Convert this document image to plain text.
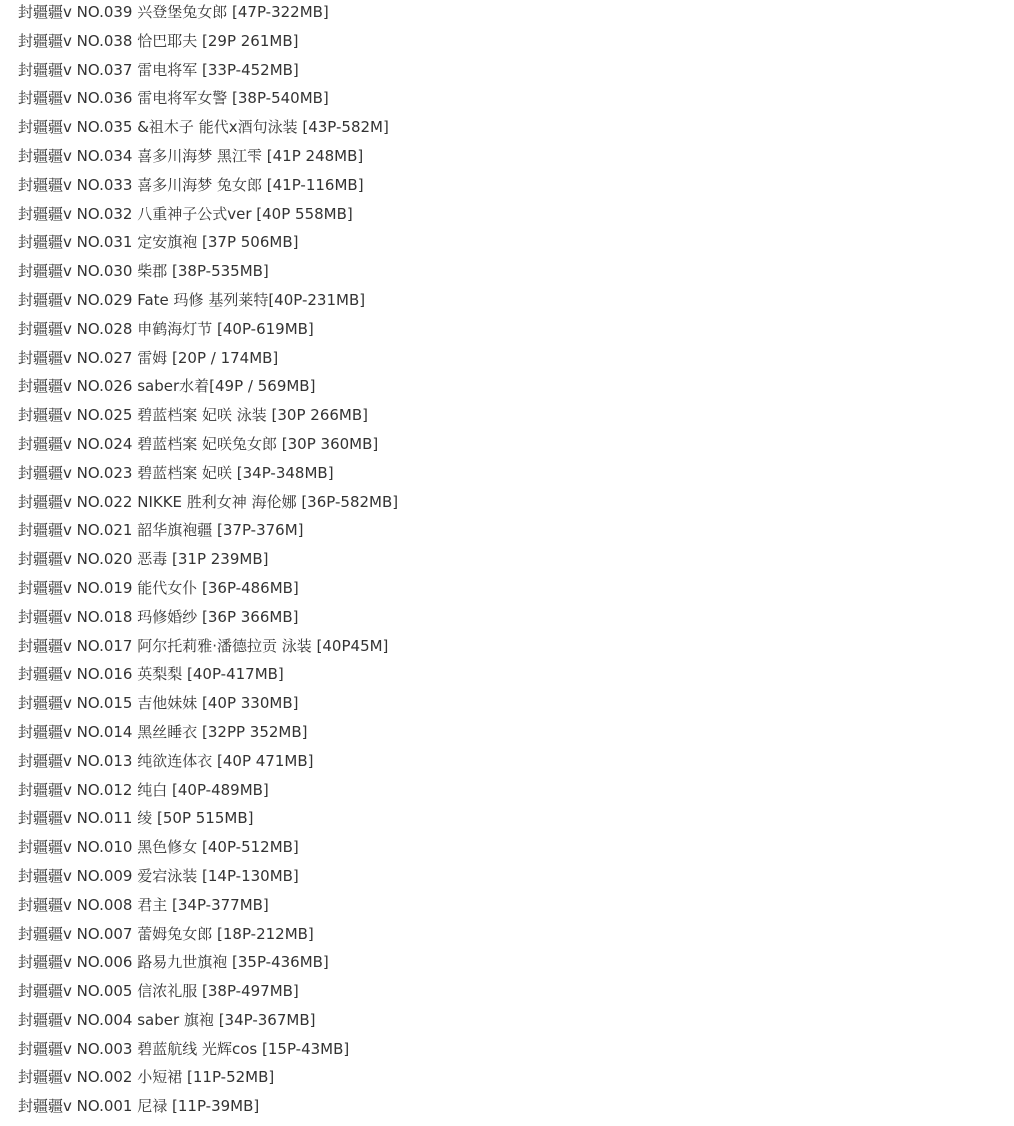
封疆疆v NO.039 兴登堡兔女郎 [47P-322MB]
封疆疆v NO.038 恰巴耶夫 [29P 261MB]
封疆疆v NO.037 雷电将军 [33P-452MB]
封疆疆v NO.036 雷电将军女警 [38P-540MB]
封疆疆v NO.035 &祖木子 能代x酒句泳装 [43P-582M]
封疆疆v NO.034 喜多川海梦 黑江雫 [41P 248MB]
封疆疆v NO.033 喜多川海梦 兔女郎 [41P-116MB]
封疆疆v NO.032 八重神子公式ver [40P 558MB]
封疆疆v NO.031 定安旗袍 [37P 506MB]
封疆疆v NO.030 柴郡 [38P-535MB]
封疆疆v NO.029 Fate 玛修 基列莱特[40P-231MB]
封疆疆v NO.028 申鹤海灯节 [40P-619MB]
封疆疆v NO.027 雷姆 [20P / 174MB]
封疆疆v NO.026 saber水着[49P / 569MB]
封疆疆v NO.025 碧蓝档案 妃咲 泳装 [30P 266MB]
封疆疆v NO.024 碧蓝档案 妃咲兔女郎 [30P 360MB]
封疆疆v NO.023 碧蓝档案 妃咲 [34P-348MB]
封疆疆v NO.022 NIKKE 胜利女神 海伦娜 [36P-582MB]
封疆疆v NO.021 韶华旗袍疆 [37P-376M]
封疆疆v NO.020 恶毒 [31P 239MB]
封疆疆v NO.019 能代女仆 [36P-486MB]
封疆疆v NO.018 玛修婚纱 [36P 366MB]
封疆疆v NO.017 阿尔托莉雅·潘德拉贡 泳装 [40P45M]
封疆疆v NO.016 英梨梨 [40P-417MB]
封疆疆v NO.015 吉他妹妹 [40P 330MB]
封疆疆v NO.014 黑丝睡衣 [32PP 352MB]
封疆疆v NO.013 纯欲连体衣 [40P 471MB]
封疆疆v NO.012 纯白 [40P-489MB]
封疆疆v NO.011 绫 [50P 515MB]
封疆疆v NO.010 黑色修女 [40P-512MB]
封疆疆v NO.009 爱宕泳装 [14P-130MB]
封疆疆v NO.008 君主 [34P-377MB]
封疆疆v NO.007 蕾姆兔女郎 [18P-212MB]
封疆疆v NO.006 路易九世旗袍 [35P-436MB]
封疆疆v NO.005 信浓礼服 [38P-497MB]
封疆疆v NO.004 saber 旗袍 [34P-367MB]
封疆疆v NO.003 碧蓝航线 光辉cos [15P-43MB]
封疆疆v NO.002 小短裙 [11P-52MB]
封疆疆v NO.001 尼禄 [11P-39MB]
